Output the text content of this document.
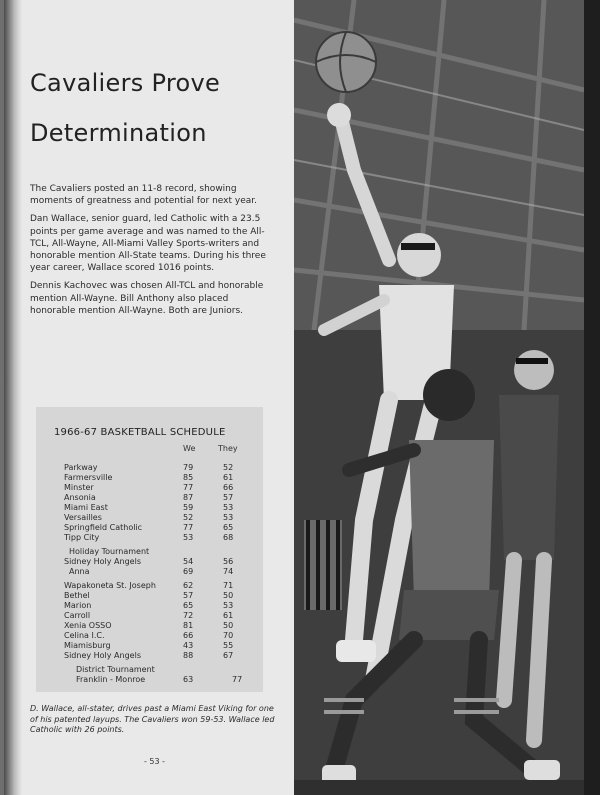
Cavaliers Prove Determination

The Cavaliers posted an 11-8 record, showing moments of greatness and potential for next year.

Dan Wallace, senior guard, led Catholic with a 23.5 points per game average and was named to the All-TCL, All-Wayne, All-Miami Valley Sports-writers and honorable mention All-State teams. During his three year career, Wallace scored 1016 points.

Dennis Kachovec was chosen All-TCL and honorable mention All-Wayne. Bill Anthony also placed honorable mention All-Wayne. Both are Juniors.

1966-67 BASKETBALL SCHEDULE
We	They
Parkway	79	52
Farmersville	85	61
Minster	77	66
Ansonia	87	57
Miami East	59	53
Versailles	52	53
Springfield Catholic	77	65
Tipp City	53	68
Holiday Tournament
Sidney Holy Angels	54	56
Anna	69	74
Wapakoneta St. Joseph	62	71
Bethel	57	50
Marion	65	53
Carroll	72	61
Xenia OSSO	81	50
Celina I.C.	66	70
Miamisburg	43	55
Sidney Holy Angels	88	67
District Tournament
Franklin - Monroe	63	77
D. Wallace, all-stater, drives past a Miami East Viking for one of his patented layups. The Cavaliers won 59-53. Wallace led Catholic with 26 points.
- 53 -
